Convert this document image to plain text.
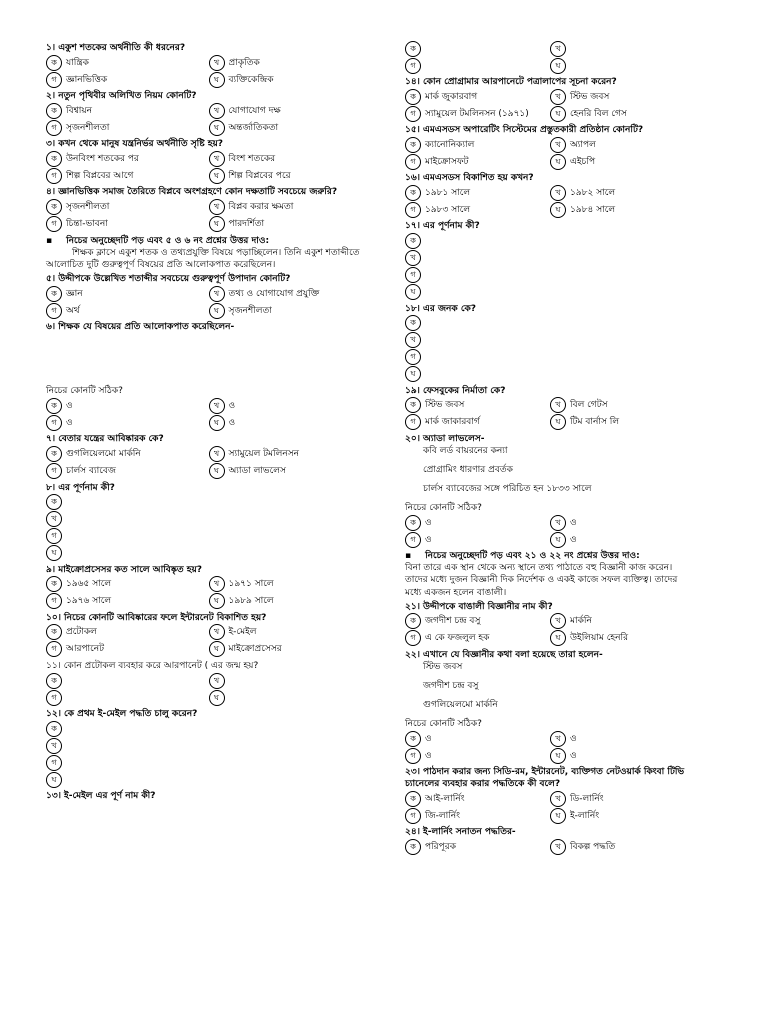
১। একুশ শতকের অর্থনীতি কী ধরনের?
ক	যান্ত্রিক	খ	প্রাকৃতিক
গ	জ্ঞানভিত্তিক	ঘ	ব্যক্তিকেন্দ্রিক
২। নতুন পৃথিবীর অলিখিত নিয়ম কোনটি?
ক	বিশ্বায়ন	খ	যোগাযোগ দক্ষ
গ	সৃজনশীলতা	ঘ	অন্তর্জাতিকতা
৩। কখন থেকে মানুষ যন্ত্রনির্ভর অর্থনীতি সৃষ্টি হয়?
ক	উনবিংশ শতকের পর	খ	বিংশ শতকের
গ	শিল্প বিপ্লবের আগে	ঘ	শিল্প বিপ্লবের পরে
৪। জ্ঞানভিত্তিক সমাজ তৈরিতে বিপ্লবে অংশগ্রহণে কোন দক্ষতাটি সবচেয়ে জরুরি?
ক	সৃজনশীলতা	খ	বিপ্লব করার ক্ষমতা
গ	চিন্তা-ভাবনা	ঘ	পারদর্শিতা
▪ নিচের অনুচ্ছেদটি পড় এবং ৫ ও ৬ নং প্রশ্নের উত্তর দাও:
শিক্ষক ক্লাসে একুশ শতক ও তথ্যপ্রযুক্তি বিষয়ে পড়াচ্ছিলেন। তিনি একুশ শতাব্দীতে আলোচিত দুটি গুরুত্বপূর্ণ বিষয়ের প্রতি আলোকপাত করেছিলেন।
৫। উদ্দীপকে উল্লেখিত শতাব্দীর সবচেয়ে গুরুত্বপূর্ণ উপাদান কোনটি?
ক	জ্ঞান	খ	তথ্য ও যোগাযোগ প্রযুক্তি
গ	অর্থ	ঘ	সৃজনশীলতা
৬। শিক্ষক যে বিষয়ের প্রতি আলোকপাত করেছিলেন-
নিচের কোনটি সঠিক?
ক	ও	খ	ও
গ	ও	ঘ	ও
৭। বেতার যন্ত্রের আবিষ্কারক কে?
ক	গুগলিয়েলমো মার্কনি	খ	স্যামুয়েল টমলিনসন
গ	চার্লস ব্যাবেজ	ঘ	অ্যাডা লাভলেস
৮। এর পূর্ণনাম কী?
ক
খ
গ
ঘ
৯। মাইক্রোপ্রসেসর কত সালে আবিষ্কৃত হয়?
ক	১৯৬৫ সালে	খ	১৯৭১ সালে
গ	১৯৭৬ সালে	ঘ	১৯৮৯ সালে
১০। নিচের কোনটি আবিষ্কারের ফলে ইন্টারনেট বিকাশিত হয়?
ক	প্রটোকল	খ	ই-মেইল
গ	আরপানেট	ঘ	মাইক্রোপ্রসেসর
১১। কোন প্রটোকল ব্যবহার করে আরপানেট ( এর জন্ম হয়?
ক	খ
গ	ঘ
১২। কে প্রথম ই-মেইল পদ্ধতি চালু করেন?
ক
খ
গ
ঘ
১৩। ই-মেইল এর পূর্ণ নাম কী?
ক	খ
গ	ঘ
১৪। কোন প্রোগ্রামার আরপানেটে পত্রালাপের সূচনা করেন?
ক	মার্ক জুকারবাগ	খ	স্টিভ জবস
গ	স্যামুয়েল টমলিনসন (১৯৭১)	ঘ	হেনরি বিল গেস
১৫। এমএসডস অপারেটিং সিস্টেমের প্রস্তুতকারী প্রতিষ্ঠান কোনটি?
ক	ক্যানোনিক্যাল	খ	অ্যাপল
গ	মাইক্রোসফট	ঘ	এইচপি
১৬। এমএসডস বিকাশিত হয় কখন?
ক	১৯৮১ সালে	খ	১৯৮২ সালে
গ	১৯৮৩ সালে	ঘ	১৯৮৪ সালে
১৭। এর পূর্ণনাম কী?
ক
খ
গ
ঘ
১৮। এর জনক কে?
ক
খ
গ
ঘ
১৯। ফেসবুকের নির্মাতা কে?
ক	স্টিভ জবস	খ	বিল গেটস
গ	মার্ক জাকারবার্গ	ঘ	টিম বার্নাস লি
২০। অ্যাডা লাভলেস-
কবি লর্ড বায়রনের কন্যা
প্রোগ্রামিং ধারণার প্রবর্তক
চার্লস ব্যাবেজের সঙ্গে পরিচিত হন ১৮৩৩ সালে
নিচের কোনটি সঠিক?
ক	ও	খ	ও
গ	ও	ঘ	ও
▪ নিচের অনুচ্ছেদটি পড় এবং ২১ ও ২২ নং প্রশ্নের উত্তর দাও:
বিনা তারে এক স্থান থেকে অন্য স্থানে তথ্য পাঠাতে বহু বিজ্ঞানী কাজ করেন। তাদের মধ্যে দুজন বিজ্ঞানী দিক নির্দেশক ও একই কাজে সফল ব্যক্তিত্ব। তাদের মধ্যে একজন হলেন বাঙালী।
২১। উদ্দীপকে বাঙালী বিজ্ঞানীর নাম কী?
ক	জগদীশ চন্দ্র বসু	খ	মার্কনি
গ	এ কে ফজলুল হক	ঘ	উইলিয়াম হেনরি
২২। এখানে যে বিজ্ঞানীর কথা বলা হয়েছে তারা হলেন-
স্টিভ জবস
জগদীশ চন্দ্র বসু
গুগলিয়েলমো মার্কনি
নিচের কোনটি সঠিক?
ক	ও	খ	ও
গ	ও	ঘ	ও
২৩। পাঠদান করার জন্য সিডি-রম, ইন্টারনেট, ব্যক্তিগত নেটওয়ার্ক কিংবা টিভি চ্যানেলের ব্যবহার করার পদ্ধতিকে কী বলে?
ক	আই-লার্নিং	খ	ডি-লার্নিং
গ	জি-লার্নিং	ঘ	ই-লার্নিং
২৪। ই-লার্নিং সনাতন পদ্ধতির-
ক	পরিপূরক	খ	বিকল্প পদ্ধতি
